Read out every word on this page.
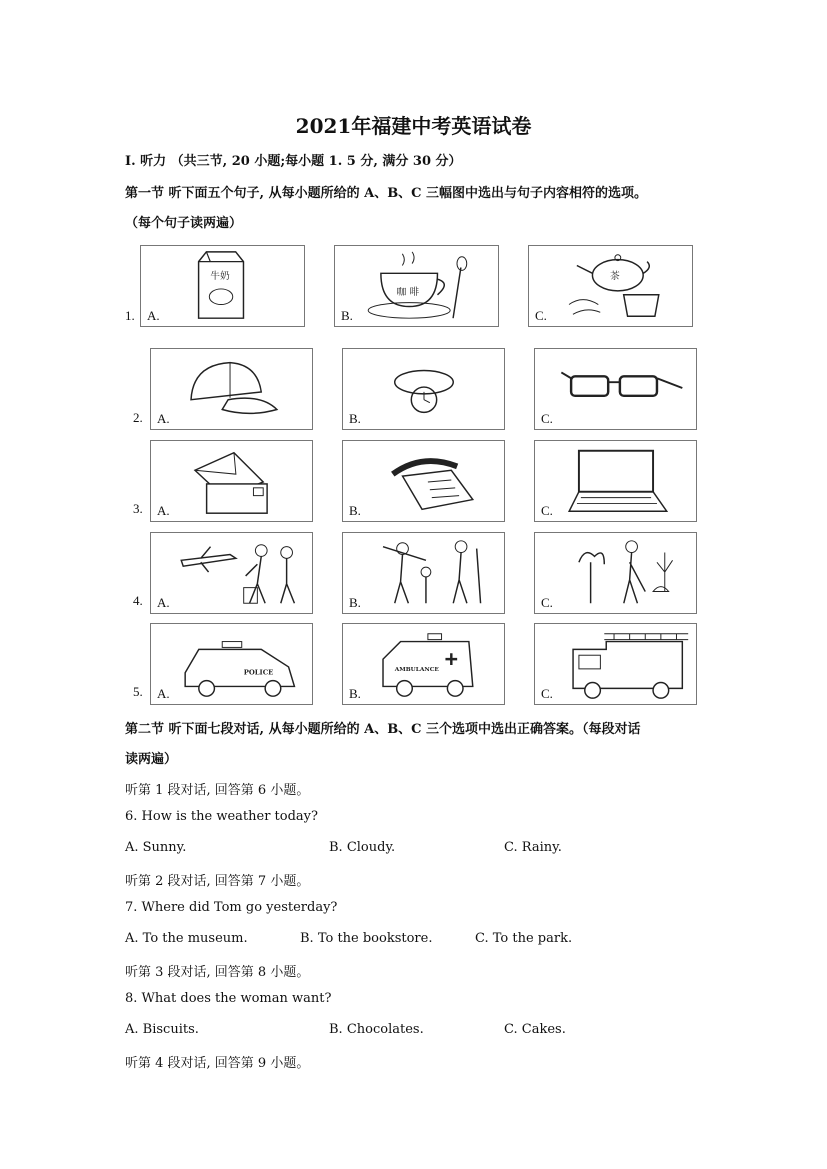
2021年福建中考英语试卷
I. 听力 （共三节, 20 小题;每小题 1. 5 分, 满分 30 分）
第一节 听下面五个句子, 从每小题所给的 A、B、C 三幅图中选出与句子内容相符的选项。
（每个句子读两遍）
1. A.
牛奶
B.
咖 啡
C.
茶
2. A.	B.	C.
3. A.	B.	C.
4. A.	B.	C.
5. A.
POLICE
B.
AMBULANCE
C.
第二节 听下面七段对话, 从每小题所给的 A、B、C 三个选项中选出正确答案。（每段对话
读两遍）
听第 1 段对话, 回答第 6 小题。
6. How is the weather today?
A. Sunny.	B. Cloudy.	C. Rainy.
听第 2 段对话, 回答第 7 小题。
7. Where did Tom go yesterday?
A. To the museum.	B. To the bookstore.	C. To the park.
听第 3 段对话, 回答第 8 小题。
8. What does the woman want?
A. Biscuits.	B. Chocolates.	C. Cakes.
听第 4 段对话, 回答第 9 小题。
